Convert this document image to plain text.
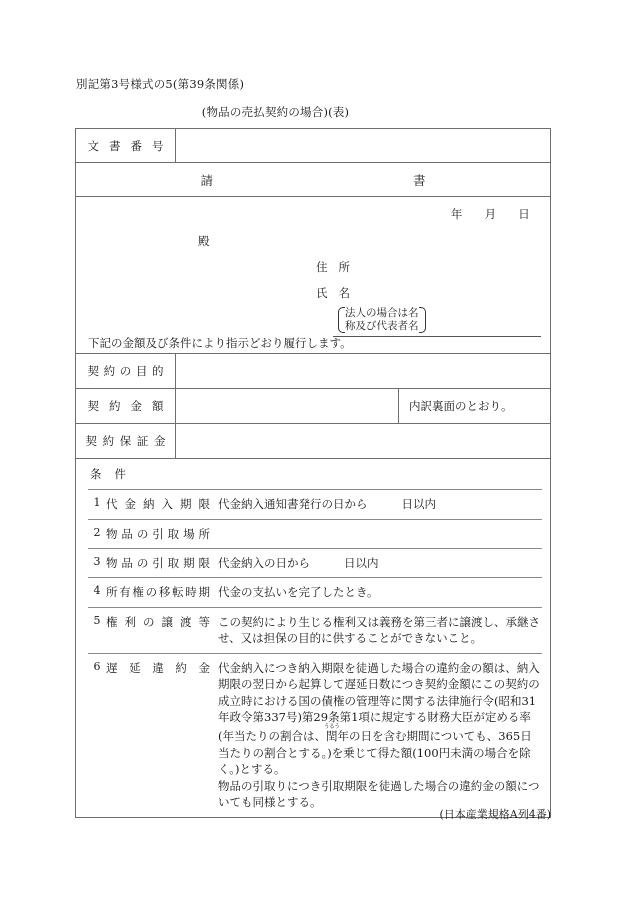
別記第3号様式の5(第39条関係)
(物品の売払契約の場合)(表)
文書番号
請	書
年 月 日
殿
住所
氏名
法人の場合は名
称及び代表者名
下記の金額及び条件により指示どおり履行します。
契約の目的
契約金額	内訳裏面のとおり。
契約保証金
条件
1 代金納入期限 代金納入通知書発行の日から	日以内
2 物品の引取場所
3 物品の引取期限 代金納入の日から	日以内
4 所有権の移転時期 代金の支払いを完了したとき。
5 権利の譲渡等 この契約により生じる権利又は義務を第三者に譲渡し、承継させ、又は担保の目的に供することができないこと。
6 遅延違約金 代金納入につき納入期限を徒過した場合の違約金の額は、納入期限の翌日から起算して遅延日数につき契約金額にこの契約の成立時における国の債権の管理等に関する法律施行令(昭和31年政令第337号)第29条第1項に規定する財務大臣が定める率(年当たりの割合は、閏うるう年の日を含む期間についても、365日当たりの割合とする。)を乗じて得た額(100円未満の場合を除く。)とする。

物品の引取りにつき引取期限を徒過した場合の違約金の額についても同様とする。

(日本産業規格A列4番)
